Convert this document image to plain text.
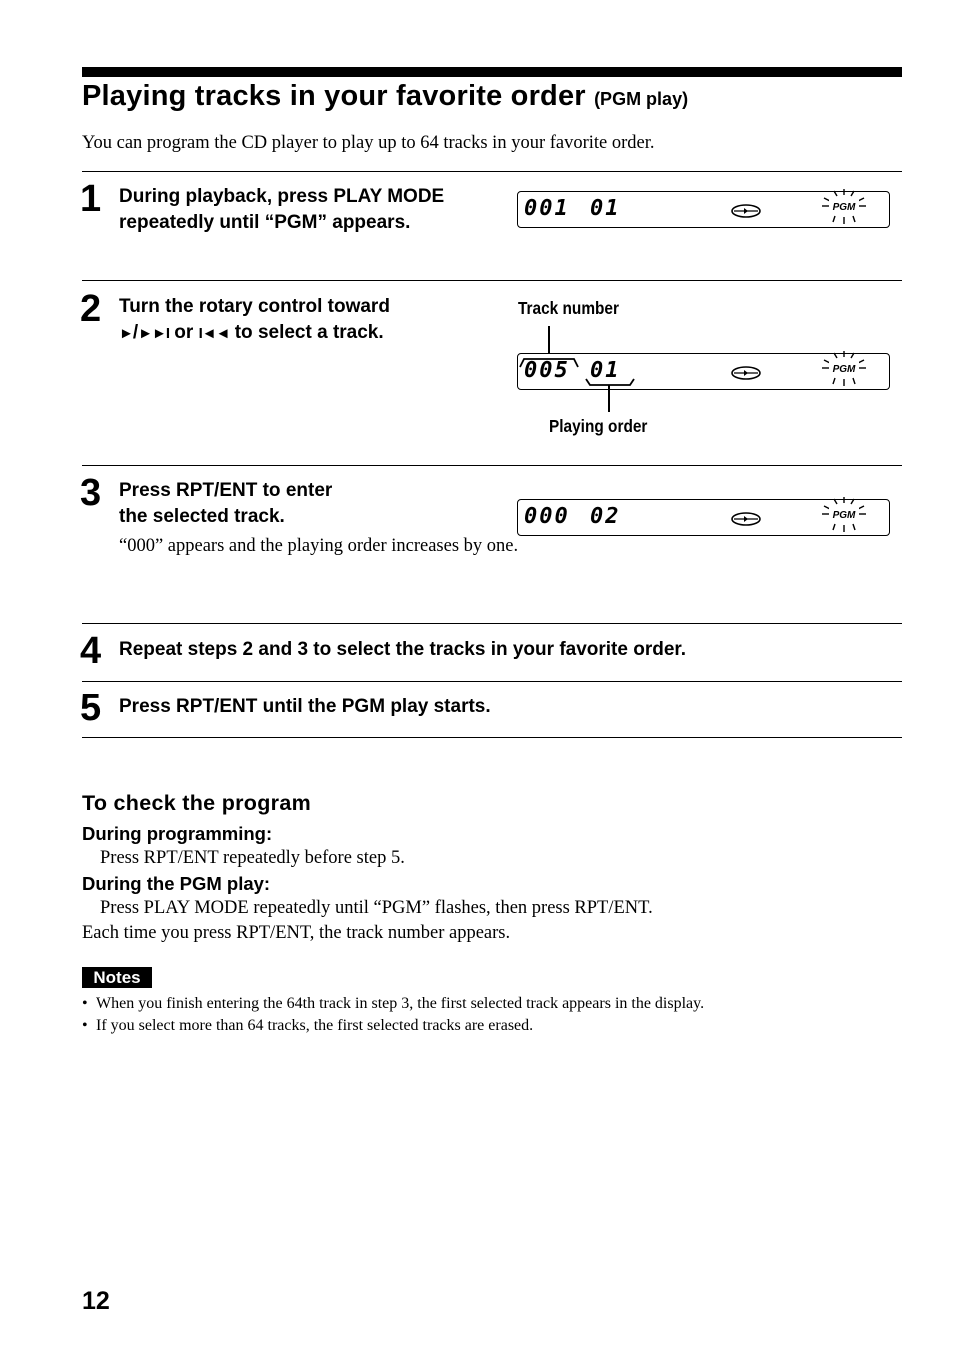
Playing tracks in your favorite order (PGM play)
You can program the CD player to play up to 64 tracks in your favorite order.
1 During playback, press PLAY MODE
repeatedly until “PGM” appears.
001 01	PGM
2 Turn the rotary control toward
►/►►I or I◄◄ to select a track.
Track number
005 01	PGM
Playing order
3 Press RPT/ENT to enter
the selected track.
“000” appears and the playing order increases by one.
000 02	PGM
4 Repeat steps 2 and 3 to select the tracks in your favorite order.
5 Press RPT/ENT until the PGM play starts.
To check the program
During programming:
Press RPT/ENT repeatedly before step 5.
During the PGM play:
Press PLAY MODE repeatedly until “PGM” flashes, then press RPT/ENT.
Each time you press RPT/ENT, the track number appears.
Notes
• When you finish entering the 64th track in step 3, the first selected track appears in the display.
• If you select more than 64 tracks, the first selected tracks are erased.
12
